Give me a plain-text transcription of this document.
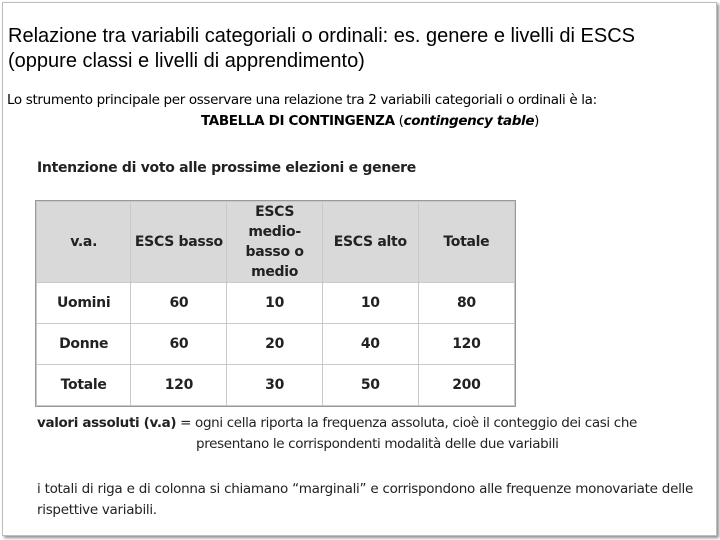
Relazione tra variabili categoriali o ordinali: es. genere e livelli di ESCS (oppure classi e livelli di apprendimento)
Lo strumento principale per osservare una relazione tra 2 variabili categoriali o ordinali è la:
TABELLA DI CONTINGENZA (contingency table)
Intenzione di voto alle prossime elezioni e genere
v.a.	ESCS basso	ESCS medio-basso o medio	ESCS alto	Totale
Uomini	60	10	10	80
Donne	60	20	40	120
Totale	120	30	50	200
valori assoluti (v.a) = ogni cella riporta la frequenza assoluta, cioè il conteggio dei casi che
presentano le corrispondenti modalità delle due variabili
i totali di riga e di colonna si chiamano “marginali” e corrispondono alle frequenze monovariate delle rispettive variabili.
